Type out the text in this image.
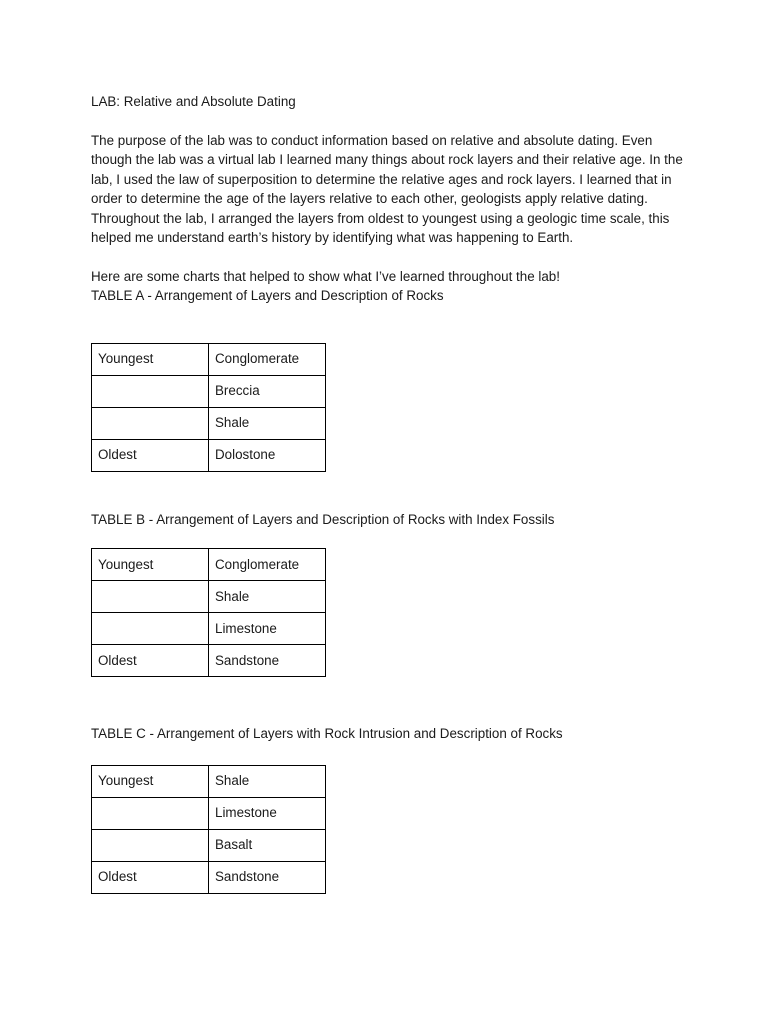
LAB: Relative and Absolute Dating

The purpose of the lab was to conduct information based on relative and absolute dating. Even though the lab was a virtual lab I learned many things about rock layers and their relative age. In the lab, I used the law of superposition to determine the relative ages and rock layers. I learned that in order to determine the age of the layers relative to each other, geologists apply relative dating. Throughout the lab, I arranged the layers from oldest to youngest using a geologic time scale, this helped me understand earth’s history by identifying what was happening to Earth.

Here are some charts that helped to show what I’ve learned throughout the lab!

TABLE A - Arrangement of Layers and Description of Rocks

Youngest	Conglomerate
	Breccia
	Shale
Oldest	Dolostone

TABLE B - Arrangement of Layers and Description of Rocks with Index Fossils

Youngest	Conglomerate
	Shale
	Limestone
Oldest	Sandstone

TABLE C - Arrangement of Layers with Rock Intrusion and Description of Rocks

Youngest	Shale
	Limestone
	Basalt
Oldest	Sandstone
